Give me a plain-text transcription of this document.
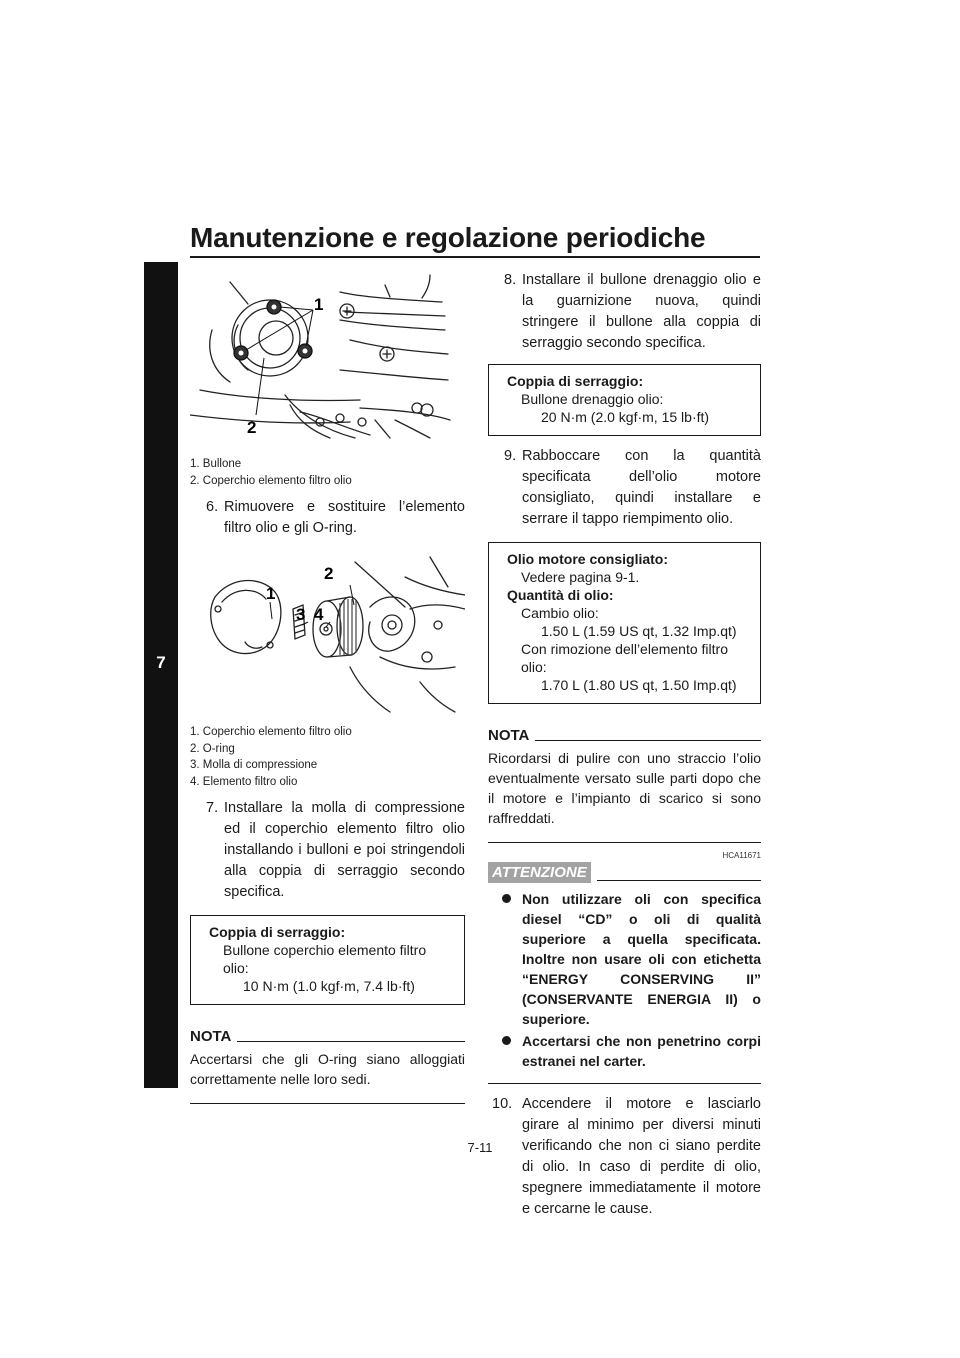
Manutenzione e regolazione periodiche
7
1
2
1. Bullone
2. Coperchio elemento filtro olio
6. Rimuovere e sostituire l’elemento filtro olio e gli O-ring.
1
2
3 4
1. Coperchio elemento filtro olio
2. O-ring
3. Molla di compressione
4. Elemento filtro olio
7. Installare la molla di compressione ed il coperchio elemento filtro olio installando i bulloni e poi stringendoli alla coppia di serraggio secondo specifica.
Coppia di serraggio:
Bullone coperchio elemento filtro
olio:
10 N·m (1.0 kgf·m, 7.4 lb·ft)
NOTA
Accertarsi che gli O-ring siano alloggiati correttamente nelle loro sedi.
8. Installare il bullone drenaggio olio e la guarnizione nuova, quindi stringere il bullone alla coppia di serraggio secondo specifica.
Coppia di serraggio:
Bullone drenaggio olio:
20 N·m (2.0 kgf·m, 15 lb·ft)
9. Rabboccare con la quantità specificata dell’olio motore consigliato, quindi installare e serrare il tappo riempimento olio.
Olio motore consigliato:
Vedere pagina 9-1.
Quantità di olio:
Cambio olio:
1.50 L (1.59 US qt, 1.32 Imp.qt)
Con rimozione dell’elemento filtro
olio:
1.70 L (1.80 US qt, 1.50 Imp.qt)
NOTA
Ricordarsi di pulire con uno straccio l’olio eventualmente versato sulle parti dopo che il motore e l’impianto di scarico si sono raffreddati.
HCA11671
ATTENZIONE
Non utilizzare oli con specifica diesel “CD” o oli di qualità superiore a quella specificata. Inoltre non usare oli con etichetta “ENERGY CONSERVING II” (CONSERVANTE ENERGIA II) o superiore.
Accertarsi che non penetrino corpi estranei nel carter.
10. Accendere il motore e lasciarlo girare al minimo per diversi minuti verificando che non ci siano perdite di olio. In caso di perdite di olio, spegnere immediatamente il motore e cercarne le cause.
7-11
